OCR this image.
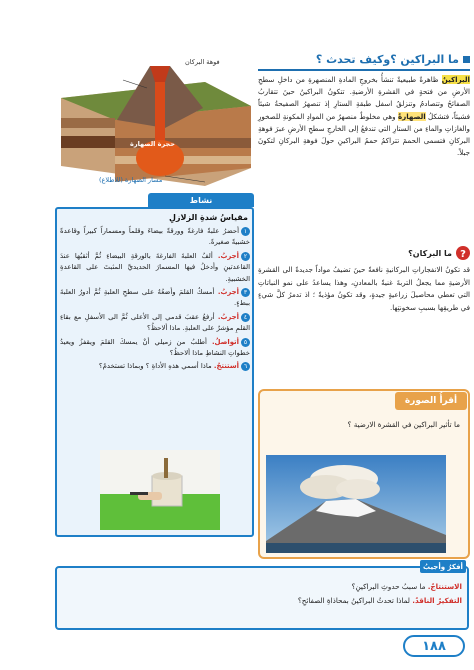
ما البراكين ؟وكيف تحدث ؟
البراكينُ ظاهرةٌ طبيعيةٌ تنشأُ بخروجِ المادةِ المنصهرةِ من داخلِ سطحِ الأرضِ من فتحةٍ في القشرةِ الأرضيةِ. تتكونُ البراكينُ حينَ تتقاربُ الصفائحُ وتتصادمُ وتنزلقُ اسفل طبقةِ الستارِ إذ تنصهرُ الصفيحةُ شيئاً فشيئاً، فتشكلُ الصهارةُ وهي مخلوطٌ منصهرٌ من الموادِ المكونةِ للصخورِ والغازاتِ والماءِ من الستارِ التي تندفعُ إلى الخارجِ سطحِ الأرضِ عبرَ فوهةِ البركانِ فتسمى الحممَ تتراكمُ حممُ البراكينِ حولَ فوهةِ البركانِ لتكونَ جبلاً.
فوهة البركان
حجرة الصهارة
مسار الصهارة (للاطلاع)
نشاط
مقياسُ شدةِ الزلازلِ
١أحضرُ علبةً فارغةً وورقةً بيضاءَ وقلماً ومسماراً كبيراً وقاعدةً خشبيةً صغيرةً.
٢أجربُ. ألفُ العلبةَ الفارغةَ بالورقةِ البيضاءِ ثُمَّ أثقبُها عندَ القاعدتينِ وأدخلُ فيها المسمارَ الحديديَّ المثبتَ على القاعدةِ الخشبيةِ.
٣أجربُ. أمسكُ القلمَ وأضعُهُ على سطحِ العلبةِ ثُمَّ أدورُ العلبةَ ببطءٍ.
٤أجربُ. أرفعُ عقبَ قدمي إلى الأعلى ثُمَّ الى الأسفلِ مع بقاءِ القلمِ مؤشرٌ على العلبةِ. ماذا ألاحظُ؟
٥أتواصلُ. أطلبُ من زميلي أنْ يمسكَ القلمَ ويقفزُ ويعيدُ خطواتِ النشاطِ ماذا ألاحظُ؟
٦أستنتجُ. ماذا أسمي هذهِ الأداةِ ؟ وبماذا تستخدمُ؟
ما البركان؟ ?
قد تكونُ الانفجاراتِ البركانيةِ نافعةً حينَ تضيفُ مواداً جديدةً الى القشرةِ الأرضيةِ مما يجعلُ التربةَ غنيةً بالمعادنِ، وهذا يساعدُ على نمو النباتاتِ التي تعطي محاصيلَ زراعيةٍ جيدةٍ، وقد تكونُ مؤذيةً ؛ اذ تدمرُ كلَّ شيءٍ في طريقِها بسببِ سخونتِها.
أقرأُ الصورة
ما تأثير البراكين في القشرة الارضية ؟
أفكرُ وأجيبُ
الاستنتاجُ. ما سببُ حدوثِ البراكينِ؟
التفكيرُ الناقدُ. لماذا تحدثُ البراكينُ بمحاذاةِ الصفائحِ؟
١٨٨
